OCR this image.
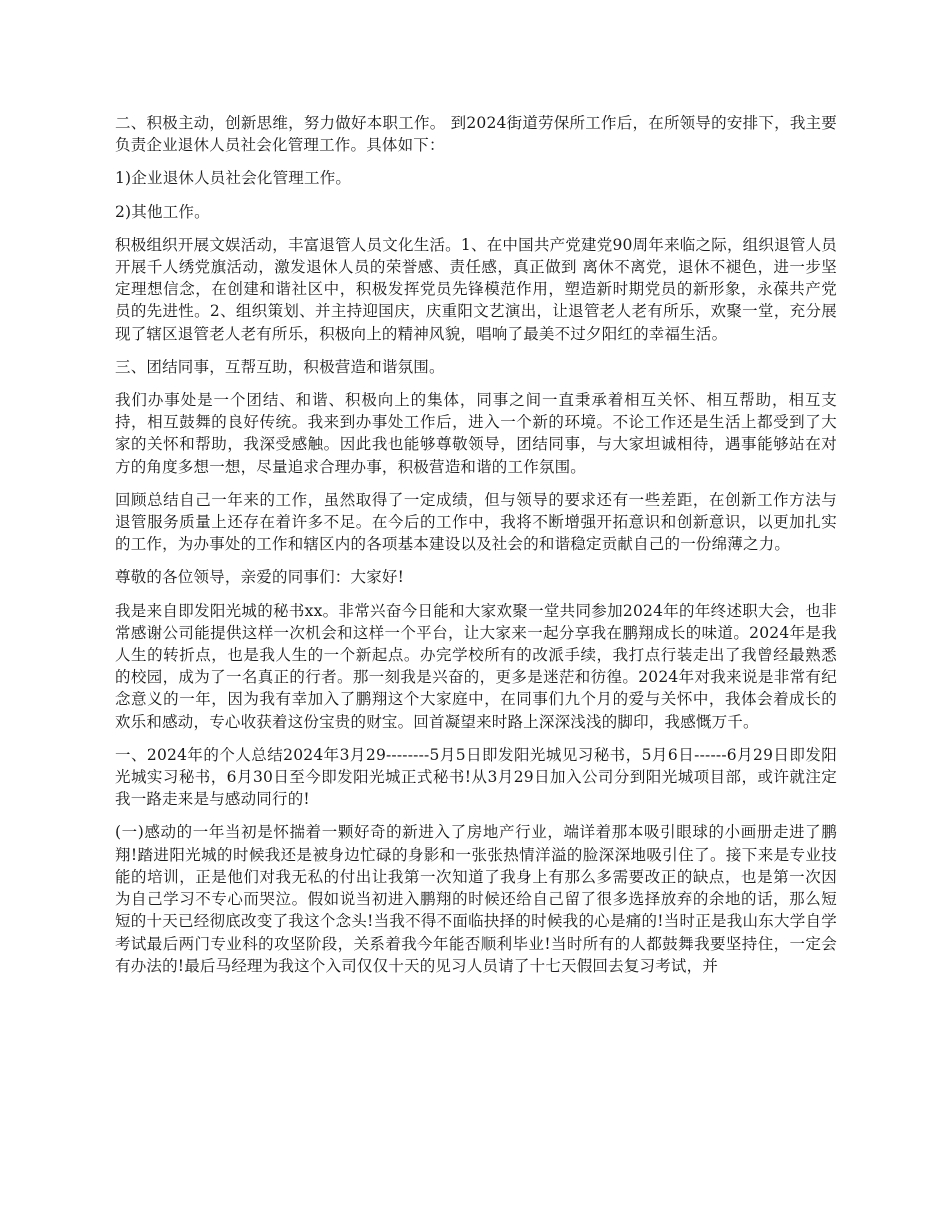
二、积极主动，创新思维，努力做好本职工作。 到2024街道劳保所工作后，在所领导的安排下，我主要负责企业退休人员社会化管理工作。具体如下：

1)企业退休人员社会化管理工作。

2)其他工作。

积极组织开展文娱活动，丰富退管人员文化生活。1、在中国共产党建党90周年来临之际，组织退管人员开展千人绣党旗活动，激发退休人员的荣誉感、责任感，真正做到 离休不离党，退休不褪色，进一步坚定理想信念，在创建和谐社区中，积极发挥党员先锋模范作用，塑造新时期党员的新形象，永葆共产党员的先进性。2、组织策划、并主持迎国庆，庆重阳文艺演出，让退管老人老有所乐，欢聚一堂，充分展现了辖区退管老人老有所乐，积极向上的精神风貌，唱响了最美不过夕阳红的幸福生活。

三、团结同事，互帮互助，积极营造和谐氛围。

我们办事处是一个团结、和谐、积极向上的集体，同事之间一直秉承着相互关怀、相互帮助，相互支持，相互鼓舞的良好传统。我来到办事处工作后，进入一个新的环境。不论工作还是生活上都受到了大家的关怀和帮助，我深受感触。因此我也能够尊敬领导，团结同事，与大家坦诚相待，遇事能够站在对方的角度多想一想，尽量追求合理办事，积极营造和谐的工作氛围。

回顾总结自己一年来的工作，虽然取得了一定成绩，但与领导的要求还有一些差距，在创新工作方法与退管服务质量上还存在着许多不足。在今后的工作中，我将不断增强开拓意识和创新意识，以更加扎实的工作，为办事处的工作和辖区内的各项基本建设以及社会的和谐稳定贡献自己的一份绵薄之力。

尊敬的各位领导，亲爱的同事们：大家好!

我是来自即发阳光城的秘书xx。非常兴奋今日能和大家欢聚一堂共同参加2024年的年终述职大会，也非常感谢公司能提供这样一次机会和这样一个平台，让大家来一起分享我在鹏翔成长的味道。2024年是我人生的转折点，也是我人生的一个新起点。办完学校所有的改派手续，我打点行装走出了我曾经最熟悉的校园，成为了一名真正的行者。那一刻我是兴奋的，更多是迷茫和彷徨。2024年对我来说是非常有纪念意义的一年，因为我有幸加入了鹏翔这个大家庭中，在同事们九个月的爱与关怀中，我体会着成长的欢乐和感动，专心收获着这份宝贵的财宝。回首凝望来时路上深深浅浅的脚印，我感慨万千。

一、2024年的个人总结2024年3月29--------5月5日即发阳光城见习秘书，5月6日------6月29日即发阳光城实习秘书，6月30日至今即发阳光城正式秘书!从3月29日加入公司分到阳光城项目部，或许就注定我一路走来是与感动同行的!

(一)感动的一年当初是怀揣着一颗好奇的新进入了房地产行业，端详着那本吸引眼球的小画册走进了鹏翔!踏进阳光城的时候我还是被身边忙碌的身影和一张张热情洋溢的脸深深地吸引住了。接下来是专业技能的培训，正是他们对我无私的付出让我第一次知道了我身上有那么多需要改正的缺点，也是第一次因为自己学习不专心而哭泣。假如说当初进入鹏翔的时候还给自己留了很多选择放弃的余地的话，那么短短的十天已经彻底改变了我这个念头!当我不得不面临抉择的时候我的心是痛的!当时正是我山东大学自学考试最后两门专业科的攻坚阶段，关系着我今年能否顺利毕业!当时所有的人都鼓舞我要坚持住，一定会有办法的!最后马经理为我这个入司仅仅十天的见习人员请了十七天假回去复习考试，并
